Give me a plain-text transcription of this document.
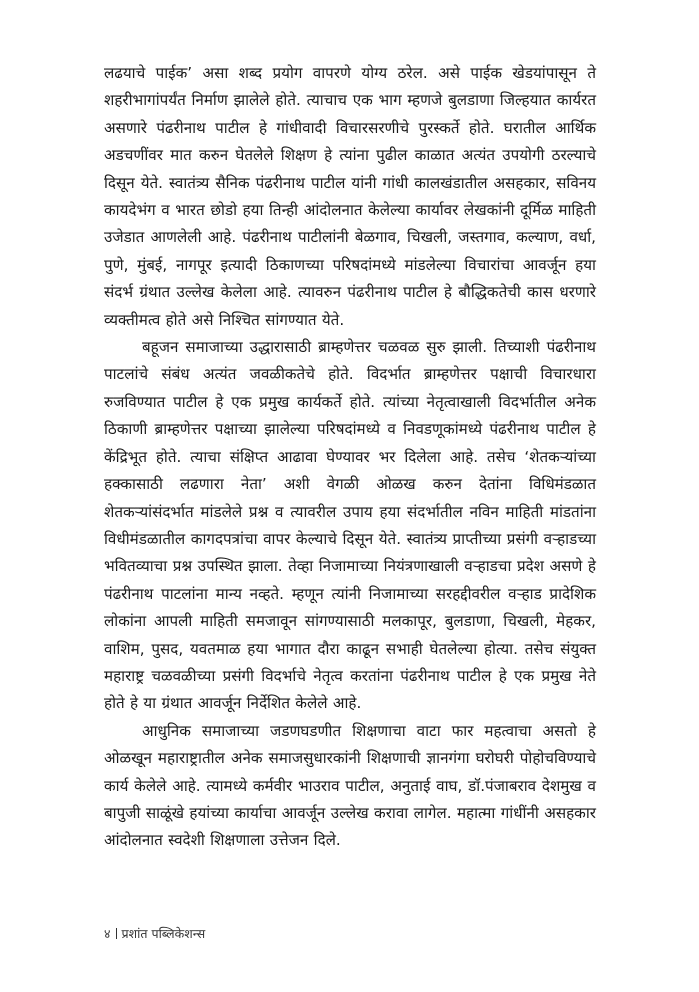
लढयाचे पाईक’ असा शब्द प्रयोग वापरणे योग्य ठरेल. असे पाईक खेडयांपासून ते शहरीभागांपर्यंत निर्माण झालेले होते. त्याचाच एक भाग म्हणजे बुलडाणा जिल्हयात कार्यरत असणारे पंढरीनाथ पाटील हे गांधीवादी विचारसरणीचे पुरस्कर्ते होते. घरातील आर्थिक अडचणींवर मात करुन घेतलेले शिक्षण हे त्यांना पुढील काळात अत्यंत उपयोगी ठरल्याचे दिसून येते. स्वातंत्र्य सैनिक पंढरीनाथ पाटील यांनी गांधी कालखंडातील असहकार, सविनय कायदेभंग व भारत छोडो हया तिन्ही आंदोलनात केलेल्या कार्यावर लेखकांनी दूर्मिळ माहिती उजेडात आणलेली आहे. पंढरीनाथ पाटीलांनी बेळगाव, चिखली, जस्तगाव, कल्याण, वर्धा, पुणे, मुंबई, नागपूर इत्यादी ठिकाणच्या परिषदांमध्ये मांडलेल्या विचारांचा आवर्जून हया संदर्भ ग्रंथात उल्लेख केलेला आहे. त्यावरुन पंढरीनाथ पाटील हे बौद्धिकतेची कास धरणारे व्यक्तीमत्व होते असे निश्चित सांगण्यात येते.

बहूजन समाजाच्या उद्धारासाठी ब्राम्हणेत्तर चळवळ सुरु झाली. तिच्याशी पंढरीनाथ पाटलांचे संबंध अत्यंत जवळीकतेचे होते. विदर्भात ब्राम्हणेत्तर पक्षाची विचारधारा रुजविण्यात पाटील हे एक प्रमुख कार्यकर्ते होते. त्यांच्या नेतृत्वाखाली विदर्भातील अनेक ठिकाणी ब्राम्हणेत्तर पक्षाच्या झालेल्या परिषदांमध्ये व निवडणूकांमध्ये पंढरीनाथ पाटील हे केंद्रिभूत होते. त्याचा संक्षिप्त आढावा घेण्यावर भर दिलेला आहे. तसेच ‘शेतकऱ्यांच्या हक्कासाठी लढणारा नेता’ अशी वेगळी ओळख करुन देतांना विधिमंडळात शेतकऱ्यांसंदर्भात मांडलेले प्रश्न व त्यावरील उपाय हया संदर्भातील नविन माहिती मांडतांना विधीमंडळातील कागदपत्रांचा वापर केल्याचे दिसून येते. स्वातंत्र्य प्राप्तीच्या प्रसंगी वऱ्हाडच्या भवितव्याचा प्रश्न उपस्थित झाला. तेव्हा निजामाच्या नियंत्रणाखाली वऱ्हाडचा प्रदेश असणे हे पंढरीनाथ पाटलांना मान्य नव्हते. म्हणून त्यांनी निजामाच्या सरहद्दीवरील वऱ्हाड प्रादेशिक लोकांना आपली माहिती समजावून सांगण्यासाठी मलकापूर, बुलडाणा, चिखली, मेहकर, वाशिम, पुसद, यवतमाळ हया भागात दौरा काढून सभाही घेतलेल्या होत्या. तसेच संयुक्त महाराष्ट्र चळवळीच्या प्रसंगी विदर्भाचे नेतृत्व करतांना पंढरीनाथ पाटील हे एक प्रमुख नेते होते हे या ग्रंथात आवर्जून निर्देशित केलेले आहे.

आधुनिक समाजाच्या जडणघडणीत शिक्षणाचा वाटा फार महत्वाचा असतो हे ओळखून महाराष्ट्रातील अनेक समाजसुधारकांनी शिक्षणाची ज्ञानगंगा घरोघरी पोहोचविण्याचे कार्य केलेले आहे. त्यामध्ये कर्मवीर भाउराव पाटील, अनुताई वाघ, डॉ.पंजाबराव देशमुख व बापुजी साळूंखे हयांच्या कार्याचा आवर्जून उल्लेख करावा लागेल. महात्मा गांधींनी असहकार आंदोलनात स्वदेशी शिक्षणाला उत्तेजन दिले.

४ प्रशांत पब्लिकेशन्स
